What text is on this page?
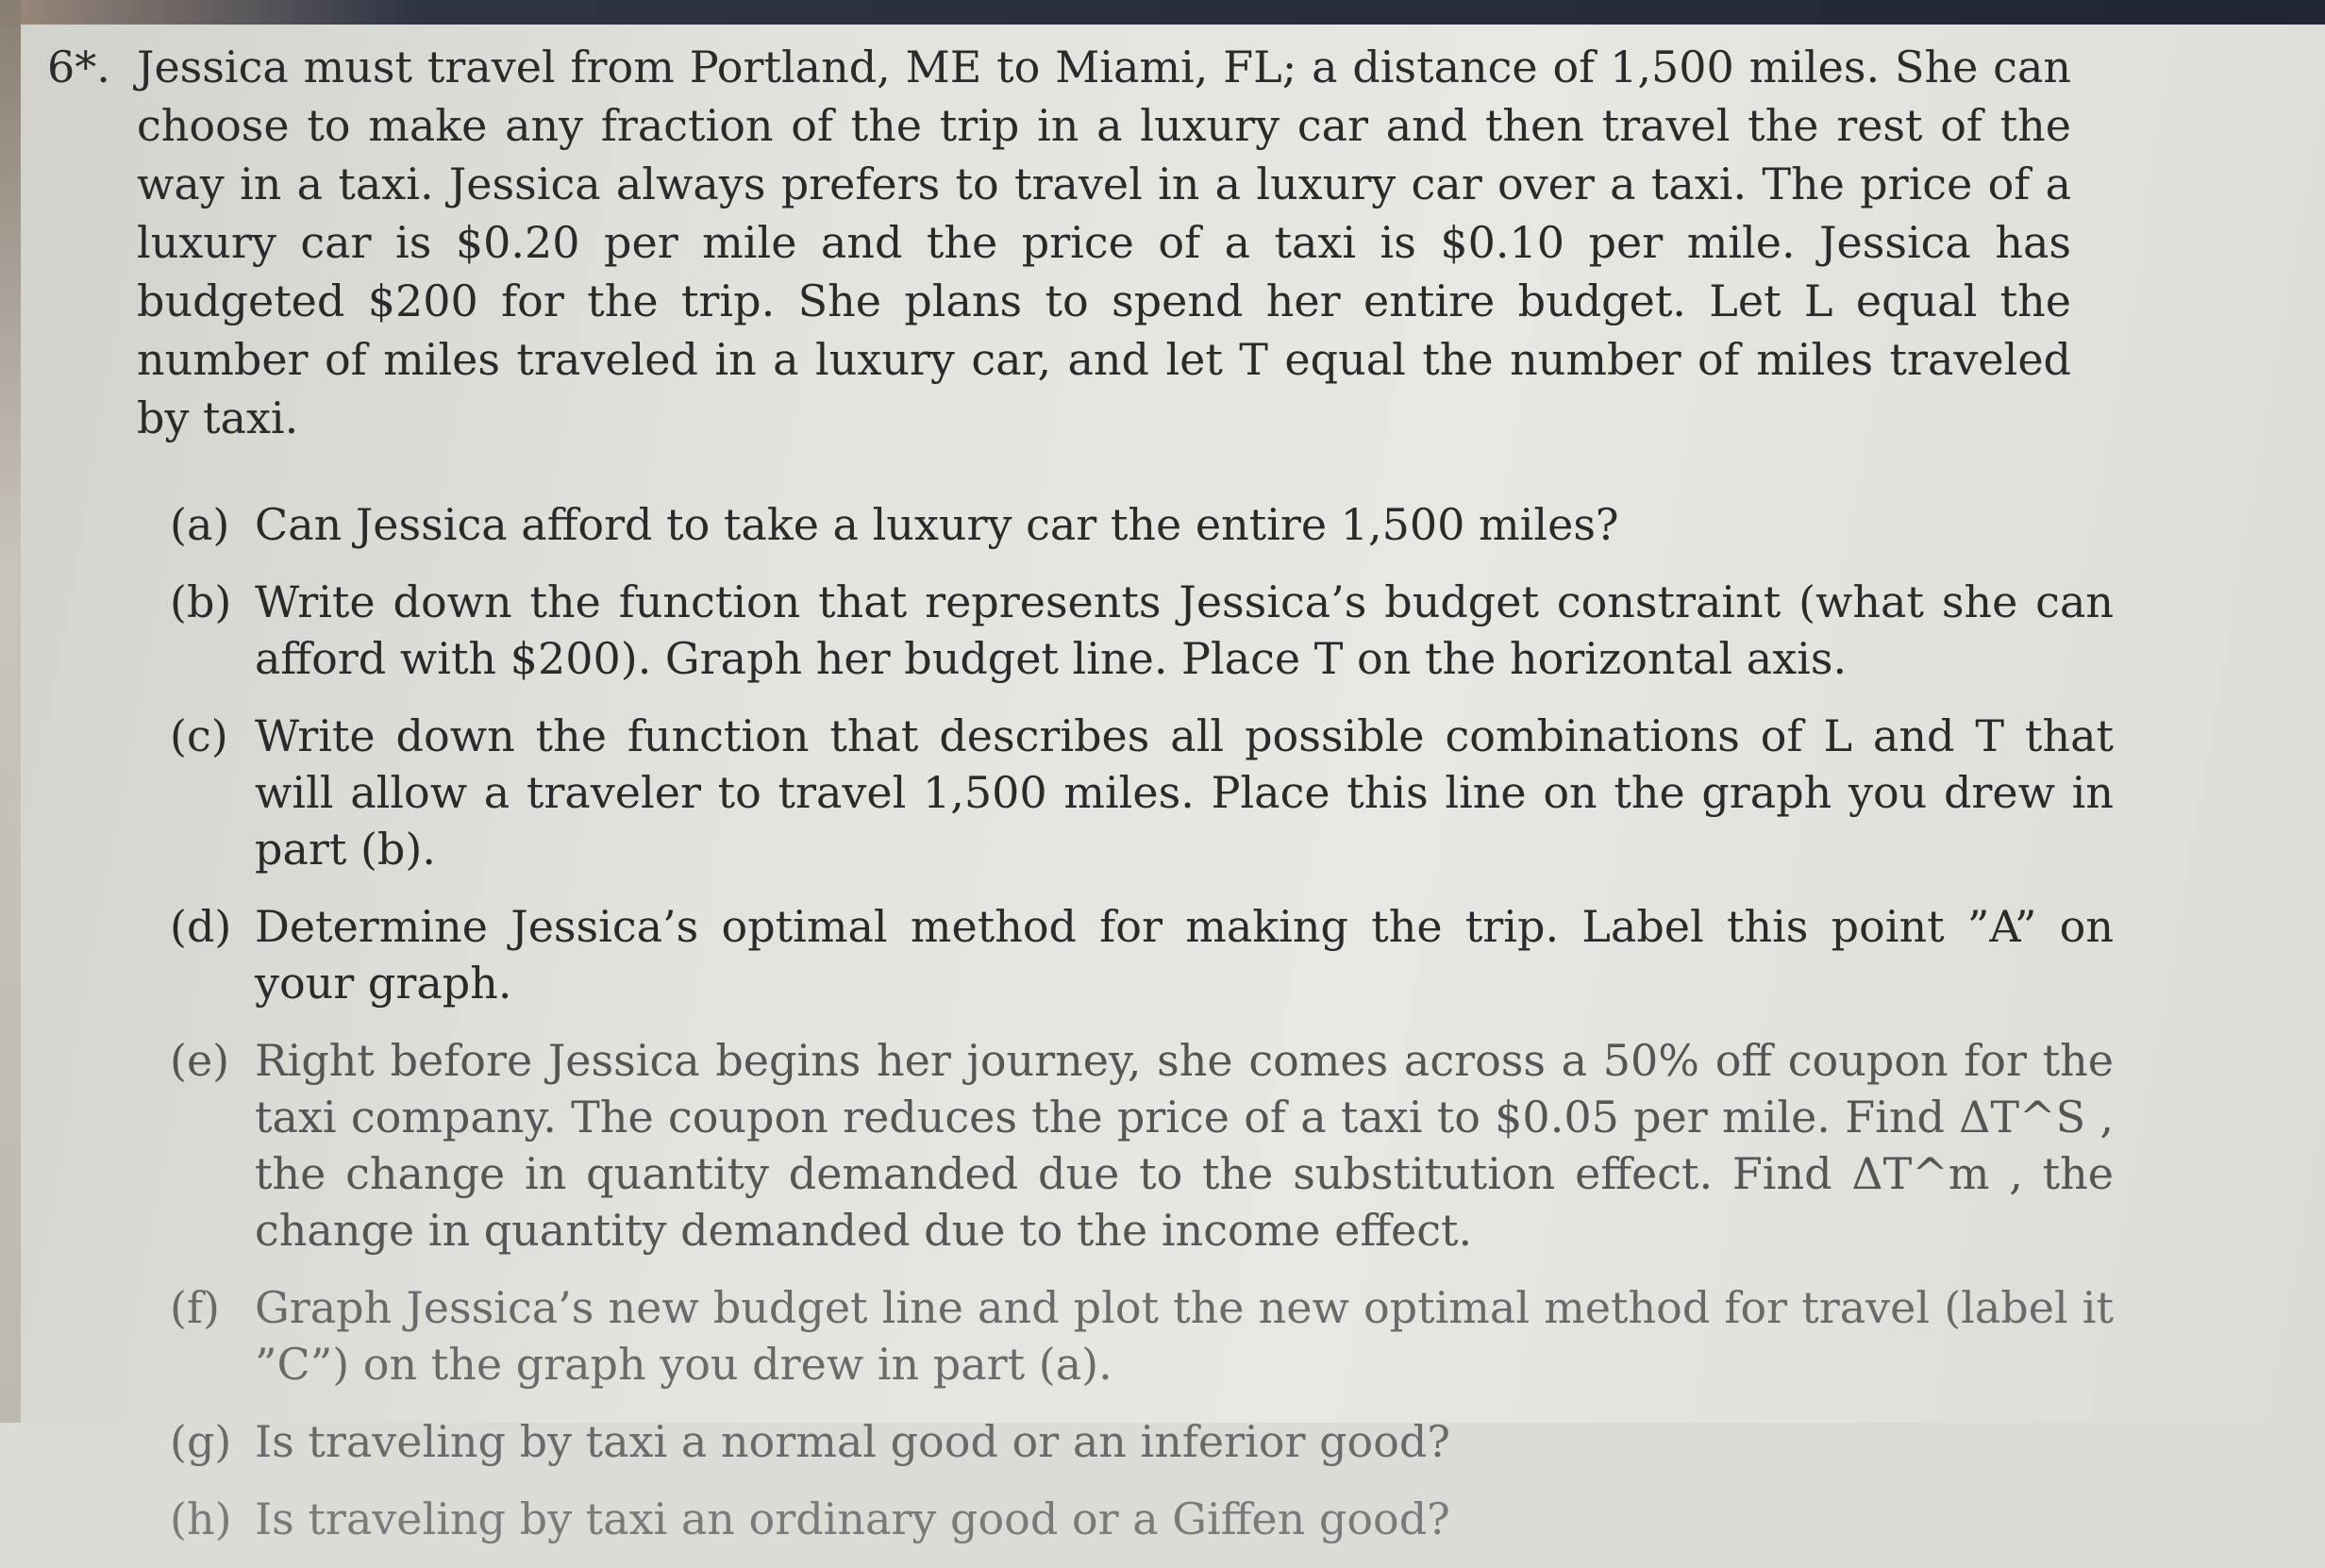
6*. Jessica must travel from Portland, ME to Miami, FL; a distance of 1,500 miles. She can choose to make any fraction of the trip in a luxury car and then travel the rest of the way in a taxi. Jessica always prefers to travel in a luxury car over a taxi. The price of a luxury car is $0.20 per mile and the price of a taxi is $0.10 per mile. Jessica has budgeted $200 for the trip. She plans to spend her entire budget. Let L equal the number of miles traveled in a luxury car, and let T equal the number of miles traveled by taxi.
(a) Can Jessica afford to take a luxury car the entire 1,500 miles?
(b) Write down the function that represents Jessica’s budget constraint (what she can afford with $200). Graph her budget line. Place T on the horizontal axis.
(c) Write down the function that describes all possible combinations of L and T that will allow a traveler to travel 1,500 miles. Place this line on the graph you drew in part (b).
(d) Determine Jessica’s optimal method for making the trip. Label this point ”A” on your graph.
(e) Right before Jessica begins her journey, she comes across a 50% off coupon for the taxi company. The coupon reduces the price of a taxi to $0.05 per mile. Find ΔT^S , the change in quantity demanded due to the substitution effect. Find ΔT^m , the change in quantity demanded due to the income effect.
(f) Graph Jessica’s new budget line and plot the new optimal method for travel (label it ”C”) on the graph you drew in part (a).
(g) Is traveling by taxi a normal good or an inferior good?
(h) Is traveling by taxi an ordinary good or a Giffen good?
